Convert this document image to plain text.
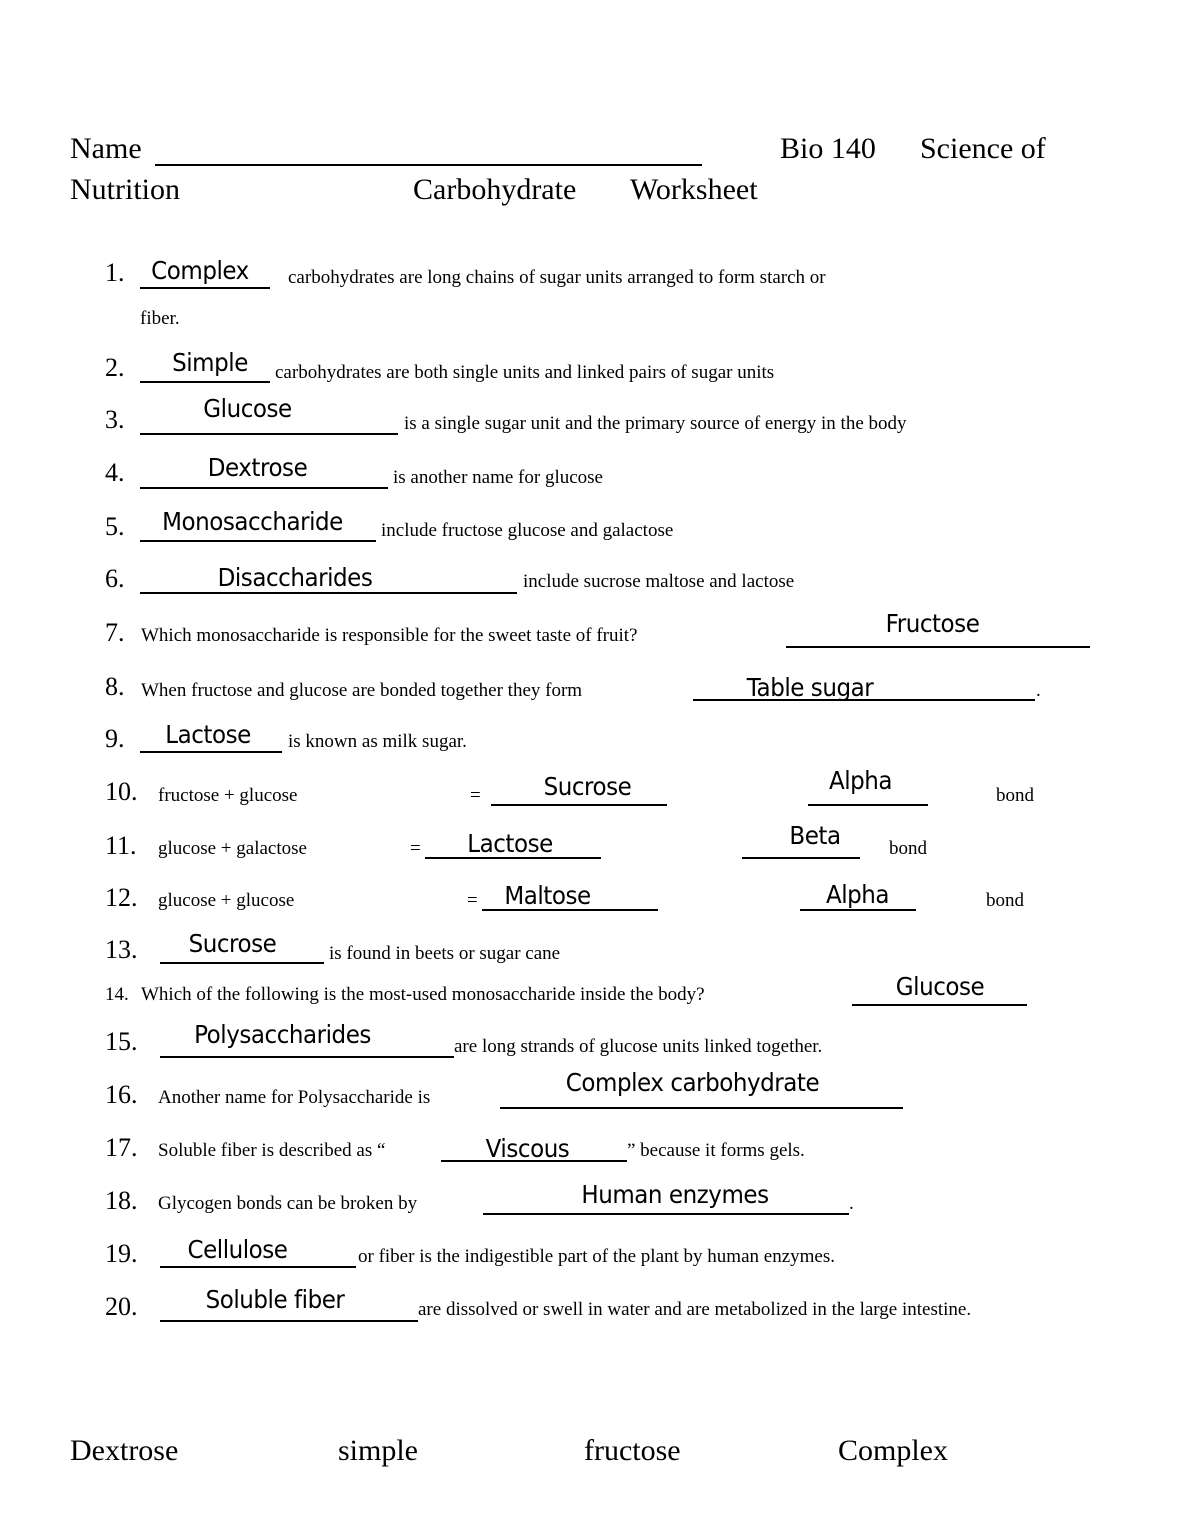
Name	Bio 140 Science of
Nutrition	Carbohydrate Worksheet
1. Complex	carbohydrates are long chains of sugar units arranged to form starch or
fiber.
2.	Simple	carbohydrates are both single units and linked pairs of sugar units
3.	Glucose
is a single sugar unit and the primary source of energy in the body
4.	Dextrose	is another name for glucose
5. Monosaccharide include fructose glucose and galactose
6.	Disaccharides	include sucrose maltose and lactose
7. Which monosaccharide is responsible for the sweet taste of fruit?	Fructose
8. When fructose and glucose are bonded together they form	Table sugar	.
9.	Lactose	is known as milk sugar.
10. fructose + glucose	=	Sucrose	Alpha
bond
11. glucose + galactose	=	Lactose	Beta	bond
12. glucose + glucose	=	Maltose	Alpha	bond
13.	Sucrose	is found in beets or sugar cane
14. Which of the following is the most-used monosaccharide inside the body?	Glucose
15. Polysaccharides	are long strands of glucose units linked together.
16. Another name for Polysaccharide is
Complex carbohydrate
17. Soluble fiber is described as “	Viscous	” because it forms gels.
18. Glycogen bonds can be broken by	Human enzymes	.
19. Cellulose	or fiber is the indigestible part of the plant by human enzymes.
20.	Soluble fiber	are dissolved or swell in water and are metabolized in the large intestine.
Dextrose	simple	fructose	Complex
